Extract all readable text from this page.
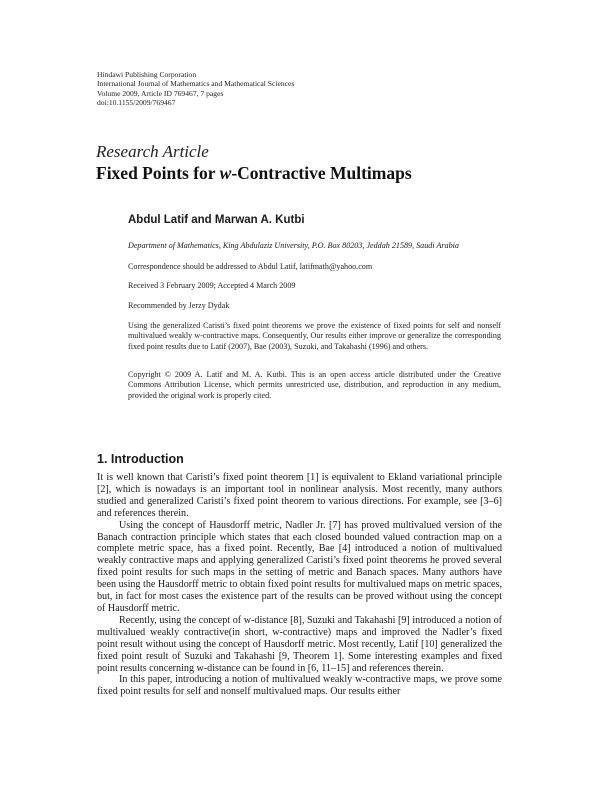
Hindawi Publishing Corporation
International Journal of Mathematics and Mathematical Sciences
Volume 2009, Article ID 769467, 7 pages
doi:10.1155/2009/769467
Research Article
Fixed Points for w-Contractive Multimaps
Abdul Latif and Marwan A. Kutbi
Department of Mathematics, King Abdulaziz University, P.O. Box 80203, Jeddah 21589, Saudi Arabia
Correspondence should be addressed to Abdul Latif, latifmath@yahoo.com
Received 3 February 2009; Accepted 4 March 2009
Recommended by Jerzy Dydak
Using the generalized Caristi’s fixed point theorems we prove the existence of fixed points for self and nonself multivalued weakly w-contractive maps. Consequently, Our results either improve or generalize the corresponding fixed point results due to Latif (2007), Bae (2003), Suzuki, and Takahashi (1996) and others.
Copyright © 2009 A. Latif and M. A. Kutbi. This is an open access article distributed under the Creative Commons Attribution License, which permits unrestricted use, distribution, and reproduction in any medium, provided the original work is properly cited.
1. Introduction

It is well known that Caristi’s fixed point theorem [1] is equivalent to Ekland variational principle [2], which is nowadays is an important tool in nonlinear analysis. Most recently, many authors studied and generalized Caristi’s fixed point theorem to various directions. For example, see [3–6] and references therein.

Using the concept of Hausdorff metric, Nadler Jr. [7] has proved multivalued version of the Banach contraction principle which states that each closed bounded valued contraction map on a complete metric space, has a fixed point. Recently, Bae [4] introduced a notion of multivalued weakly contractive maps and applying generalized Caristi’s fixed point theorems he proved several fixed point results for such maps in the setting of metric and Banach spaces. Many authors have been using the Hausdorff metric to obtain fixed point results for multivalued maps on metric spaces, but, in fact for most cases the existence part of the results can be proved without using the concept of Hausdorff metric.

Recently, using the concept of w-distance [8], Suzuki and Takahashi [9] introduced a notion of multivalued weakly contractive(in short, w-contractive) maps and improved the Nadler’s fixed point result without using the concept of Hausdorff metric. Most recently, Latif [10] generalized the fixed point result of Suzuki and Takahashi [9, Theorem 1]. Some interesting examples and fixed point results concerning w-distance can be found in [6, 11–15] and references therein.

In this paper, introducing a notion of multivalued weakly w-contractive maps, we prove some fixed point results for self and nonself multivalued maps. Our results either
